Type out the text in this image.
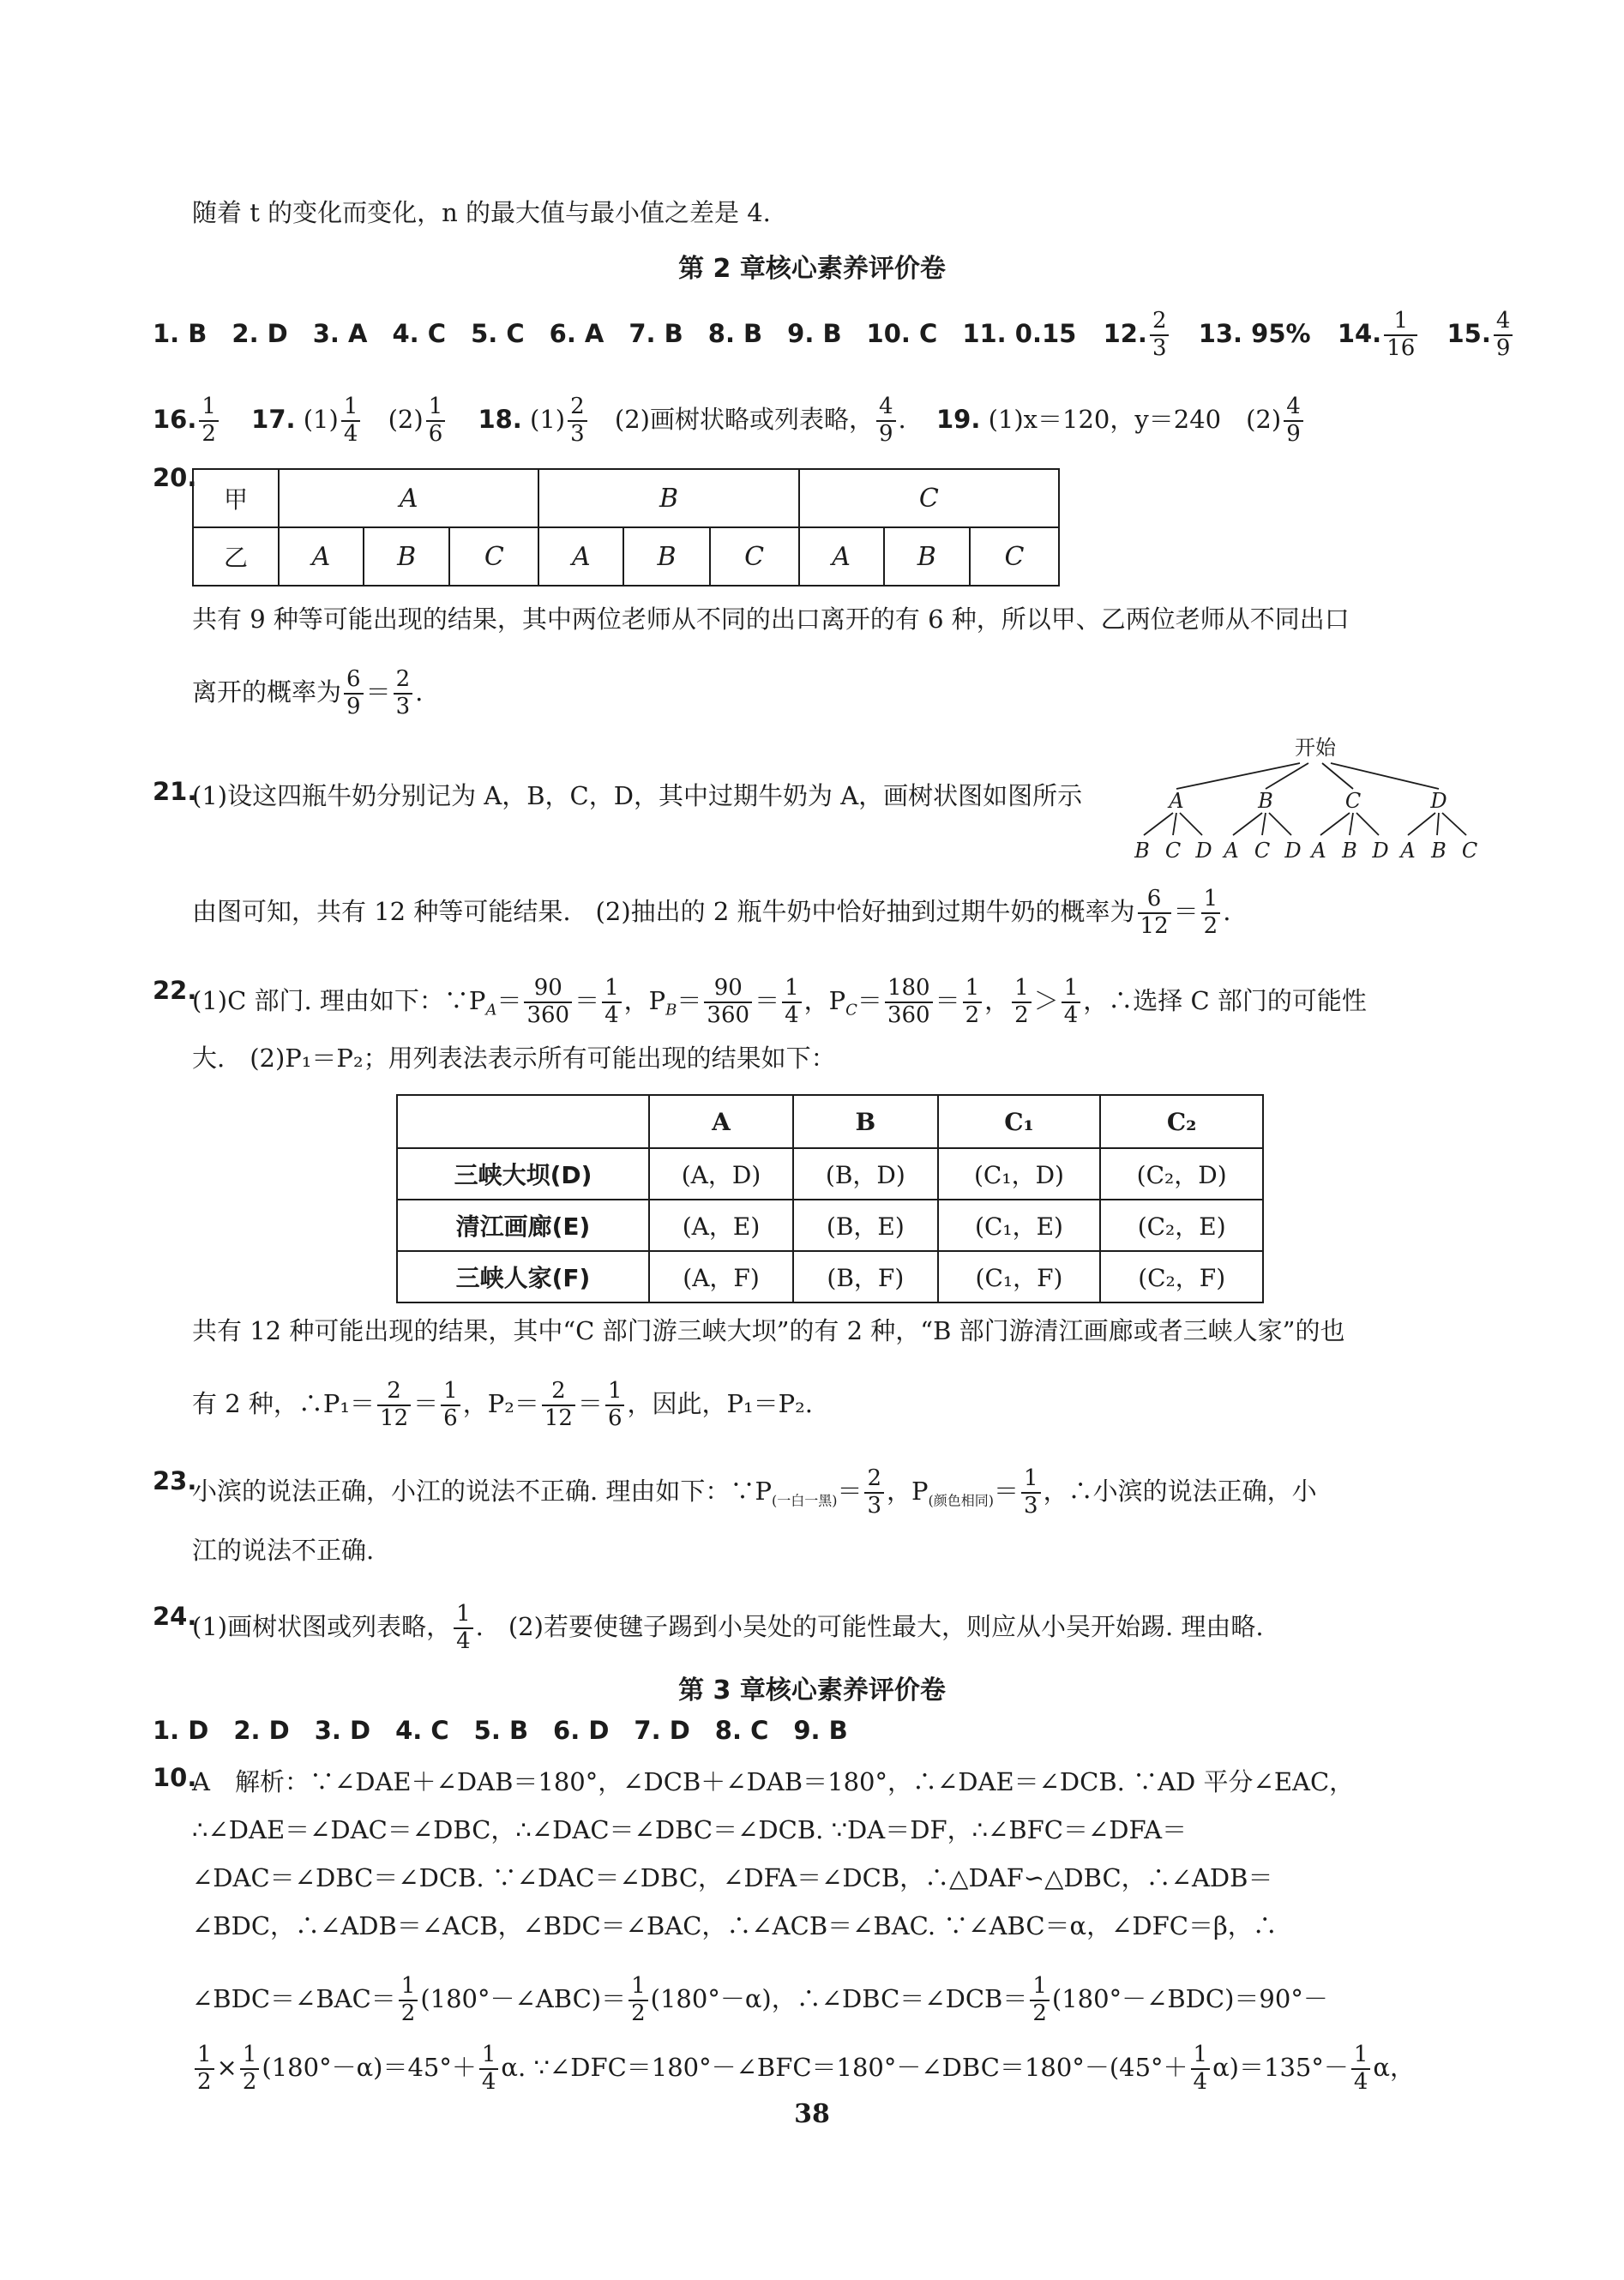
随着 t 的变化而变化，n 的最大值与最小值之差是 4.
第 2 章核心素养评价卷
1. B　2. D　3. A　4. C　5. C　6. A　7. B　8. B　9. B　10. C　11. 0.15 12. $\frac{2}{3} 13$. 95% 14. $\frac{1}{16} 15$. $\frac{4}{9}$
16. $\frac{1}{2} 17$. $(1) \frac{1}{4} (2) \frac{1}{6} 18$. $(1) \frac{2}{3} (2)$画树状略或列表略， $\frac{4}{9}$ . 19. (1)x＝120，y＝240　$(2) \frac{4}{9}$
20.
甲	A			B			C		
乙	A	B	C	A	B	C	A	B	C
共有 9 种等可能出现的结果，其中两位老师从不同的出口离开的有 6 种，所以甲、乙两位老师从不同出口
离开的概率为 $\frac{6}{9} = \frac{2}{3}$ .
21.
(1)设这四瓶牛奶分别记为 A，B，C，D，其中过期牛奶为 A，画树状图如图所示
开始
A	B	C	D
B C D A C D A B D A B C
由图可知，共有 12 种等可能结果.　(2)抽出的 2 瓶牛奶中恰好抽到过期牛奶的概率为 $\frac{6}{12} = \frac{1}{2}$ .
22.
(1)C 部门. 理由如下：$\because P_A= \frac{90}{360} = \frac{1}{4}$ ，$P_B= \frac{90}{360} = \frac{1}{4}$ ，$P_C= \frac{180}{360} = \frac{1}{2}$ ， $\frac{1}{2} > \frac{1}{4}$ ，∴选择 C 部门的可能性
大.　(2)P₁＝P₂；用列表法表示所有可能出现的结果如下：
	A	B	C₁	C₂
三峡大坝(D)	(A，D)	(B，D)	(C₁，D)	(C₂，D)
清江画廊(E)	(A，E)	(B，E)	(C₁，E)	(C₂，E)
三峡人家(F)	(A，F)	(B，F)	(C₁，F)	(C₂，F)
共有 12 种可能出现的结果，其中“C 部门游三峡大坝”的有 2 种，“B 部门游清江画廊或者三峡人家”的也
有 2 种，∴P₁＝ $\frac{2}{12} = \frac{1}{6}$ ，$P_2= \frac{2}{12} = \frac{1}{6}$ ，因此，P₁＝P₂.
23.
小滨的说法正确，小江的说法不正确. 理由如下：$\because P_{(一白一黑)}= \frac{2}{3}$ ，$P_{(颜色相同)}= \frac{1}{3}$ ，∴小滨的说法正确，小
江的说法不正确.
24.
(1)画树状图或列表略， $\frac{1}{4}$ .　(2)若要使毽子踢到小吴处的可能性最大，则应从小吴开始踢. 理由略.
第 3 章核心素养评价卷
1. D　2. D　3. D　4. C　5. B　6. D　7. D　8. C　9. B
10.
A　解析：∵∠DAE＋∠DAB＝180°，∠DCB＋∠DAB＝180°，∴∠DAE＝∠DCB. ∵AD 平分∠EAC，
∴∠DAE＝∠DAC＝∠DBC，∴∠DAC＝∠DBC＝∠DCB. ∵DA＝DF，∴∠BFC＝∠DFA＝
∠DAC＝∠DBC＝∠DCB. ∵∠DAC＝∠DBC，∠DFA＝∠DCB，∴△DAF∽△DBC，∴∠ADB＝
∠BDC，∴∠ADB＝∠ACB，∠BDC＝∠BAC，∴∠ACB＝∠BAC. ∵∠ABC＝α，∠DFC＝β，∴
∠BDC＝∠BAC＝ $\frac{1}{2}$ (180°－∠ABC)＝ $\frac{1}{2} (180^\circ-\alpha)$，∴∠DBC＝∠DCB＝ $\frac{1}{2}$ (180°－∠BDC)＝90°－
$\frac{1}{2} \times \frac{1}{2} (180^\circ-\alpha)=45^\circ+ \frac{1}{4} \alpha$. ∵∠DFC＝180°－∠BFC＝180°－∠DBC＝180°－(45°＋ $\frac{1}{4} \alpha)=135^\circ- \frac{1}{4}$ α，
38
